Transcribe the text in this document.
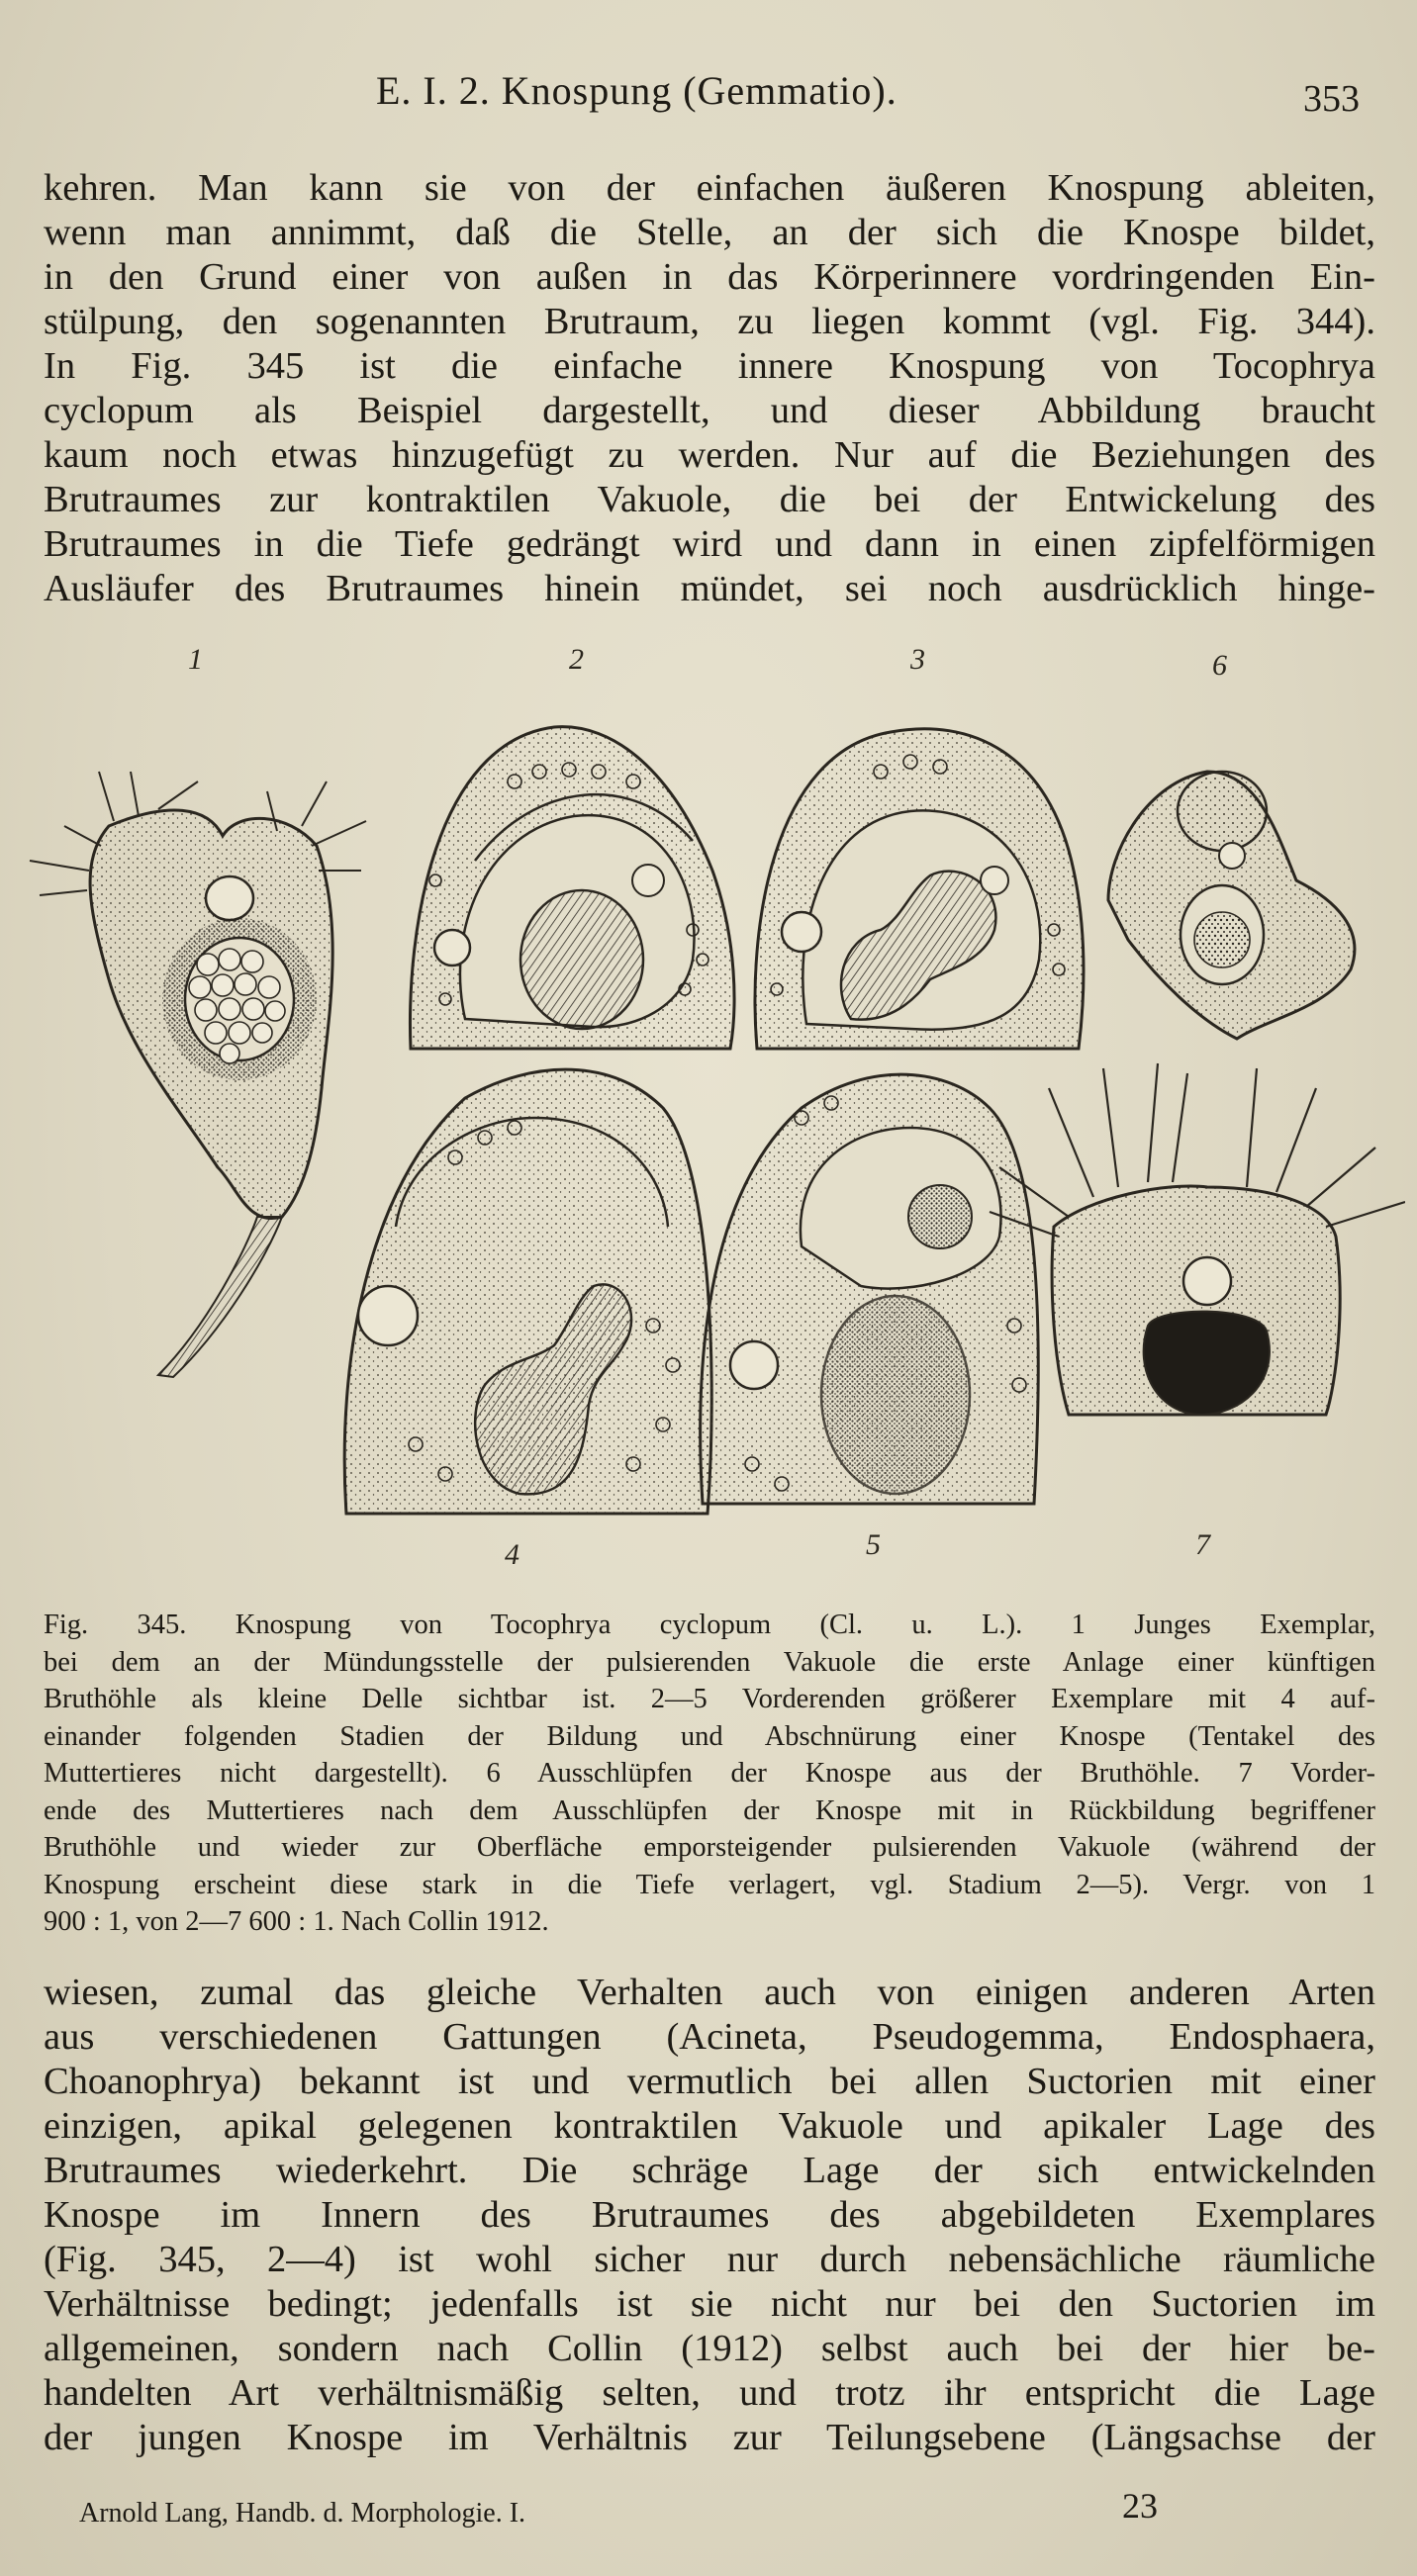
E. I. 2. Knospung (Gemmatio).	353
kehren. Man kann sie von der einfachen äußeren Knospung ableiten,
wenn man annimmt, daß die Stelle, an der sich die Knospe bildet,
in den Grund einer von außen in das Körperinnere vordringenden Ein-
stülpung, den sogenannten Brutraum, zu liegen kommt (vgl. Fig. 344).
In Fig. 345 ist die einfache innere Knospung von Tocophrya
cyclopum als Beispiel dargestellt, und dieser Abbildung braucht
kaum noch etwas hinzugefügt zu werden. Nur auf die Beziehungen des
Brutraumes zur kontraktilen Vakuole, die bei der Entwickelung des
Brutraumes in die Tiefe gedrängt wird und dann in einen zipfelförmigen
Ausläufer des Brutraumes hinein mündet, sei noch ausdrücklich hinge-
1	2	3	6
4	5	7
Fig. 345. Knospung von Tocophrya cyclopum (Cl. u. L.). 1 Junges Exemplar,
bei dem an der Mündungsstelle der pulsierenden Vakuole die erste Anlage einer künftigen
Bruthöhle als kleine Delle sichtbar ist. 2—5 Vorderenden größerer Exemplare mit 4 auf-
einander folgenden Stadien der Bildung und Abschnürung einer Knospe (Tentakel des
Muttertieres nicht dargestellt). 6 Ausschlüpfen der Knospe aus der Bruthöhle. 7 Vorder-
ende des Muttertieres nach dem Ausschlüpfen der Knospe mit in Rückbildung begriffener
Bruthöhle und wieder zur Oberfläche emporsteigender pulsierenden Vakuole (während der
Knospung erscheint diese stark in die Tiefe verlagert, vgl. Stadium 2—5). Vergr. von 1
900 : 1, von 2—7 600 : 1. Nach Collin 1912.
wiesen, zumal das gleiche Verhalten auch von einigen anderen Arten
aus verschiedenen Gattungen (Acineta, Pseudogemma, Endosphaera,
Choanophrya) bekannt ist und vermutlich bei allen Suctorien mit einer
einzigen, apikal gelegenen kontraktilen Vakuole und apikaler Lage des
Brutraumes wiederkehrt. Die schräge Lage der sich entwickelnden
Knospe im Innern des Brutraumes des abgebildeten Exemplares
(Fig. 345, 2—4) ist wohl sicher nur durch nebensächliche räumliche
Verhältnisse bedingt; jedenfalls ist sie nicht nur bei den Suctorien im
allgemeinen, sondern nach Collin (1912) selbst auch bei der hier be-
handelten Art verhältnismäßig selten, und trotz ihr entspricht die Lage
der jungen Knospe im Verhältnis zur Teilungsebene (Längsachse der
Arnold Lang, Handb. d. Morphologie. I.	23
